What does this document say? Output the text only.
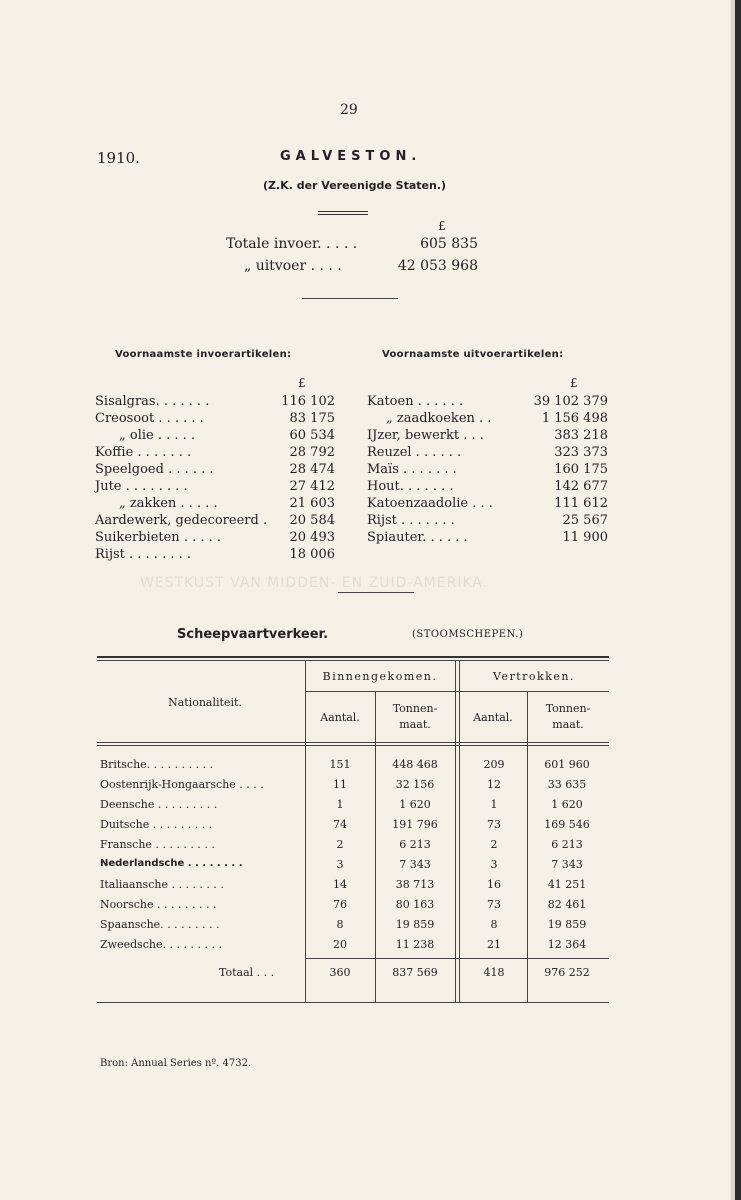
29
1910.	GALVESTON.
(Z.K. der Vereenigde Staten.)
£
Totale invoer. . . . .	605 835
„ uitvoer . . . .	42 053 968
Voornaamste invoerartikelen:	Voornaamste uitvoerartikelen:
£	£
Sisalgras. . . . . . .	116 102
Creosoot . . . . . .	83 175
„ olie . . . . .	60 534
Koffie . . . . . . .	28 792
Speelgoed . . . . . .	28 474
Jute . . . . . . . .	27 412
„ zakken . . . . .	21 603
Aardewerk, gedecoreerd . 20 584
Suikerbieten . . . . .	20 493
Rijst . . . . . . . .	18 006
Katoen . . . . . .	39 102 379
„ zaadkoeken . .	1 156 498
IJzer, bewerkt . . .	383 218
Reuzel . . . . . .	323 373
Maïs . . . . . . .	160 175
Hout. . . . . . .	142 677
Katoenzaadolie . . .	111 612
Rijst . . . . . . .	25 567
Spiauter. . . . . .	11 900
WESTKUST VAN MIDDEN- EN ZUID-AMERIKA.
Scheepvaartverkeer.	(STOOMSCHEPEN.)
Nationaliteit.
Binnengekomen.	Vertrokken.
Aantal.
Tonnen-
maat.
Aantal.
Tonnen-
maat.
Britsche. . . . . . . . . .	151	448 468	209	601 960
Oostenrijk-Hongaarsche . . . .	11	32 156	12	33 635
Deensche . . . . . . . . .	1	1 620	1	1 620
Duitsche . . . . . . . . .	74	191 796	73	169 546
Fransche . . . . . . . . .	2	6 213	2	6 213
Nederlandsche . . . . . . . .	3	7 343	3	7 343
Italiaansche . . . . . . . .	14	38 713	16	41 251
Noorsche . . . . . . . . .	76	80 163	73	82 461
Spaansche. . . . . . . . .	8	19 859	8	19 859
Zweedsche. . . . . . . . .	20	11 238	21	12 364
Totaal . . .	360	837 569	418	976 252
Bron: Annual Series nº. 4732.
